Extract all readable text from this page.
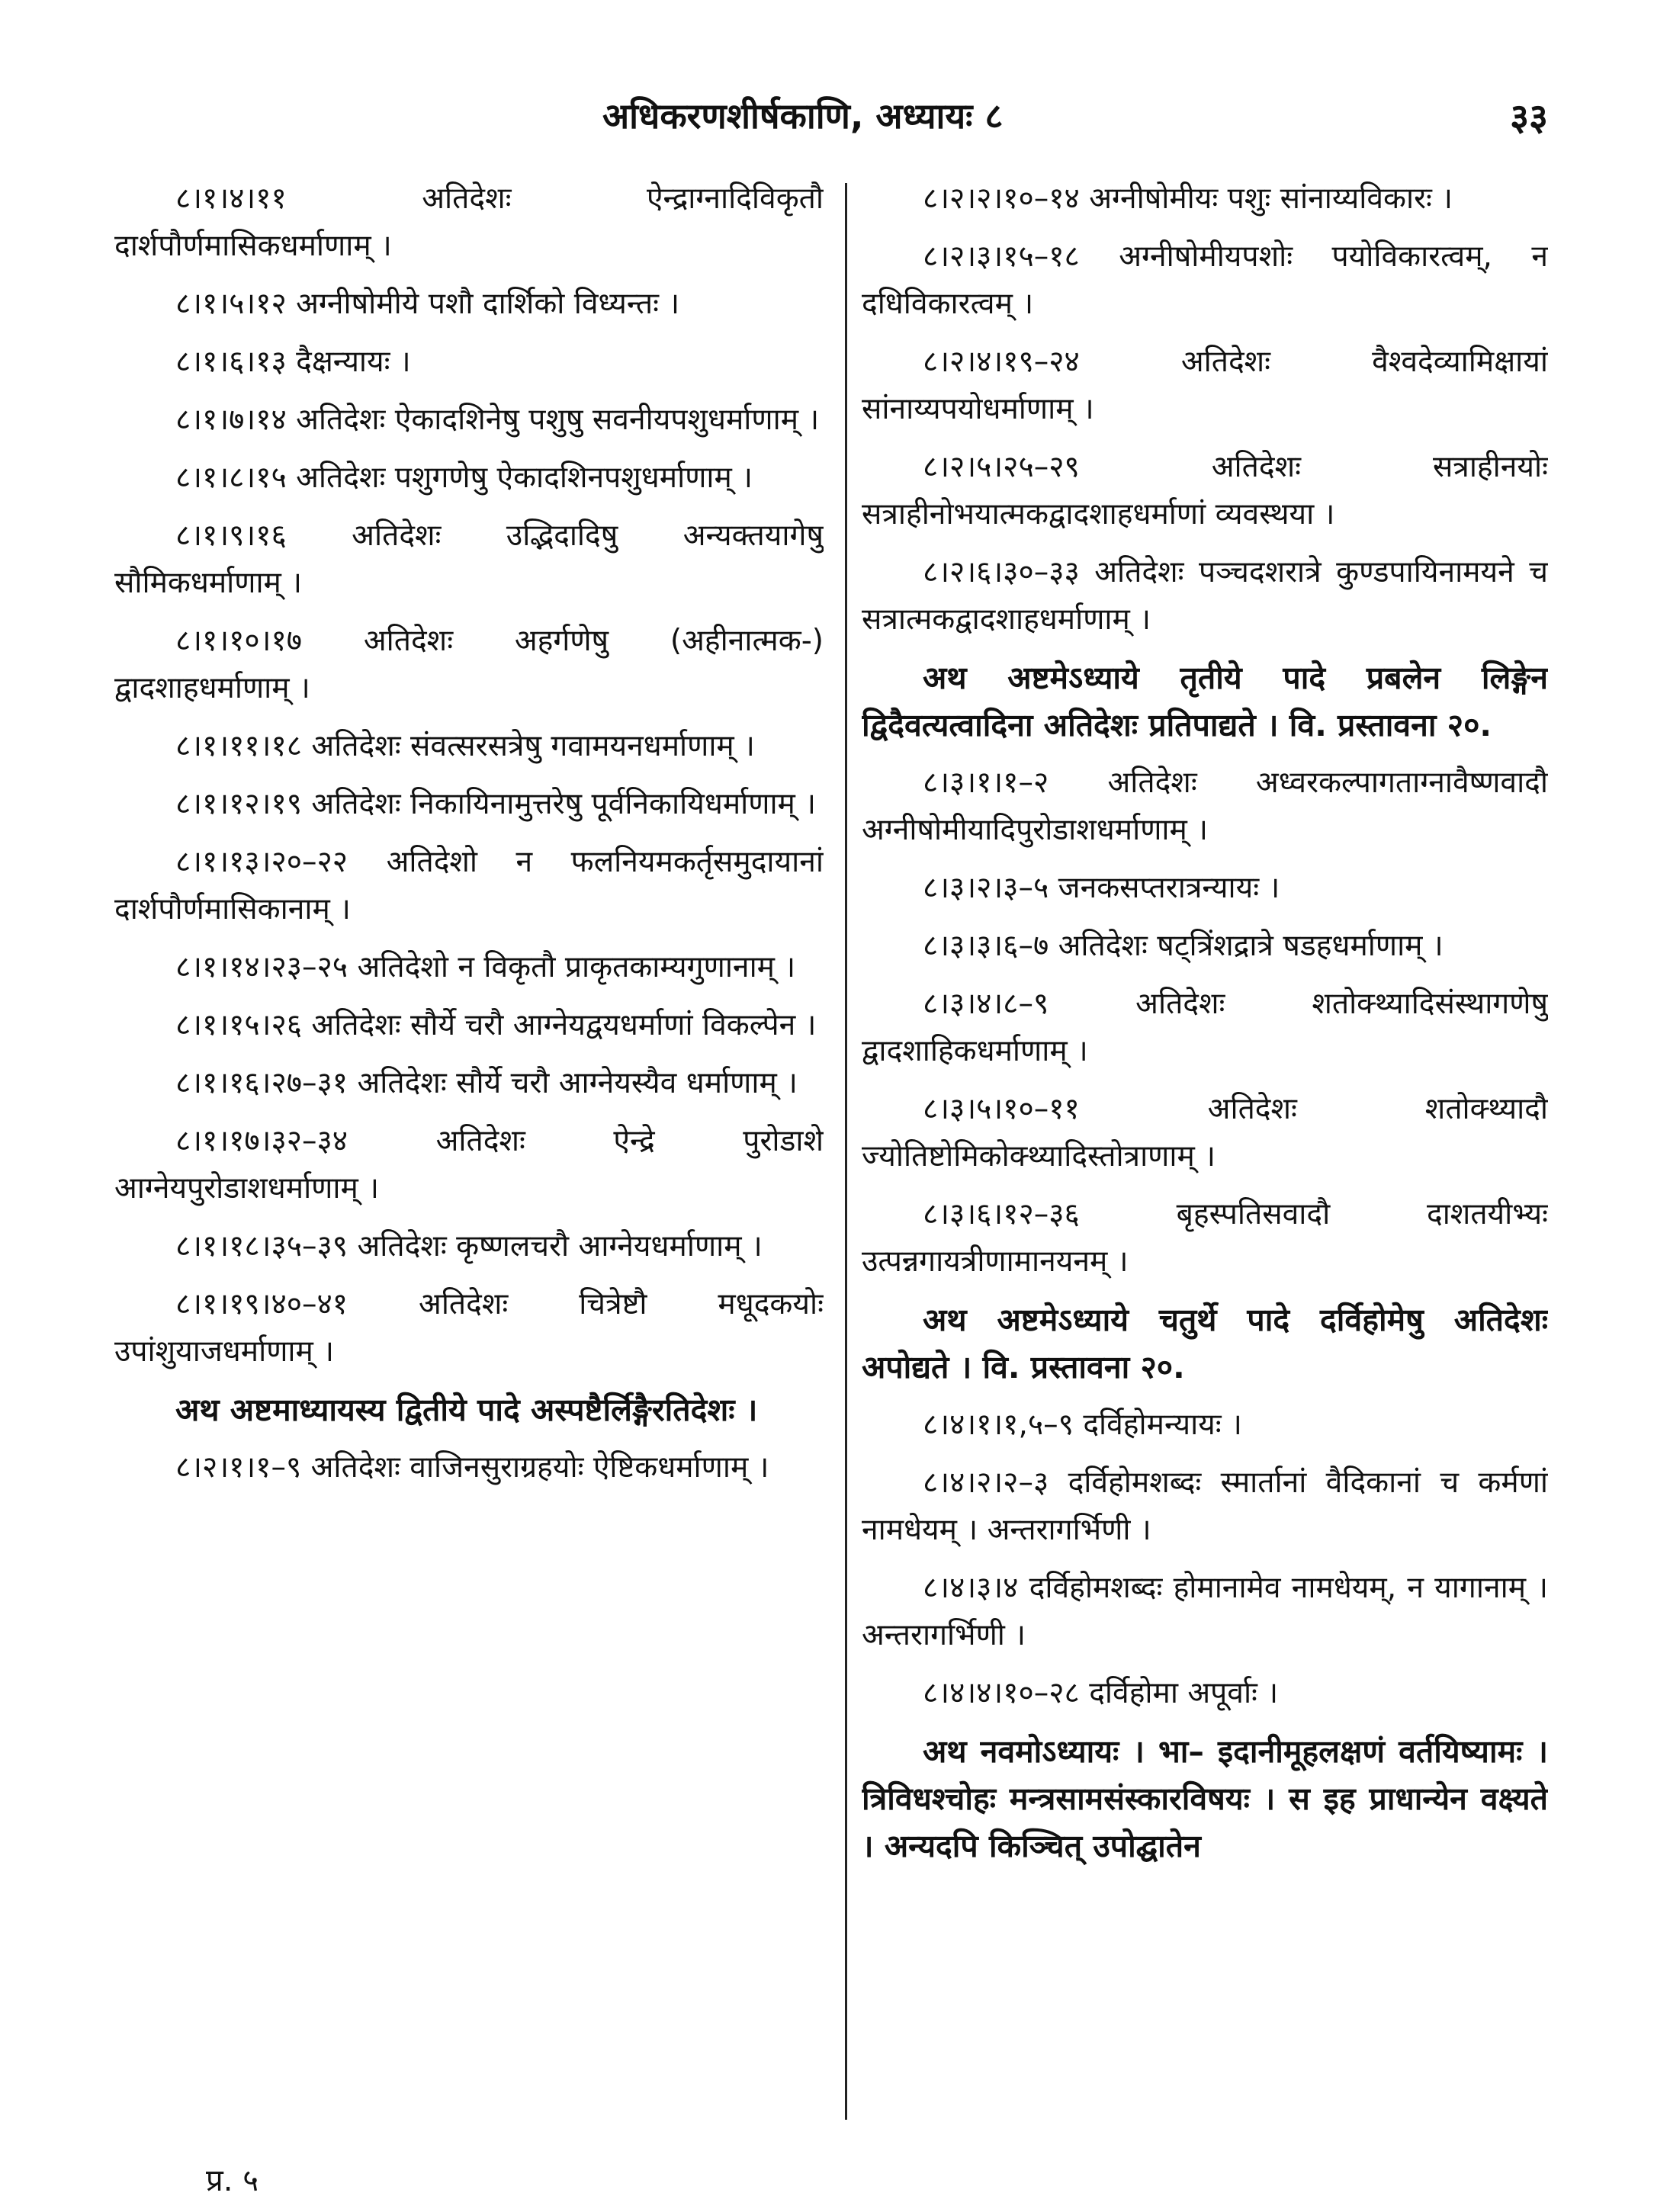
अधिकरणशीर्षकाणि, अध्यायः ८	३३

८।१।४।११ अतिदेशः ऐन्द्राग्नादिविकृतौ दार्शपौर्णमासिकधर्माणाम् ।

८।१।५।१२ अग्नीषोमीये पशौ दार्शिको विध्यन्तः ।

८।१।६।१३ दैक्षन्यायः ।

८।१।७।१४ अतिदेशः ऐकादशिनेषु पशुषु सवनीयपशुधर्माणाम् ।

८।१।८।१५ अतिदेशः पशुगणेषु ऐकादशिनपशुधर्माणाम् ।

८।१।९।१६ अतिदेशः उद्भिदादिषु अन्यक्तयागेषु सौमिकधर्माणाम् ।

८।१।१०।१७ अतिदेशः अहर्गणेषु (अहीनात्मक-) द्वादशाहधर्माणाम् ।

८।१।११।१८ अतिदेशः संवत्सरसत्रेषु गवामयनधर्माणाम् ।

८।१।१२।१९ अतिदेशः निकायिनामुत्तरेषु पूर्वनिकायिधर्माणाम् ।

८।१।१३।२०–२२ अतिदेशो न फलनियमकर्तृसमुदायानां दार्शपौर्णमासिकानाम् ।

८।१।१४।२३–२५ अतिदेशो न विकृतौ प्राकृतकाम्यगुणानाम् ।

८।१।१५।२६ अतिदेशः सौर्ये चरौ आग्नेयद्वयधर्माणां विकल्पेन ।

८।१।१६।२७–३१ अतिदेशः सौर्ये चरौ आग्नेयस्यैव धर्माणाम् ।

८।१।१७।३२–३४ अतिदेशः ऐन्द्रे पुरोडाशे आग्नेयपुरोडाशधर्माणाम् ।

८।१।१८।३५–३९ अतिदेशः कृष्णलचरौ आग्नेयधर्माणाम् ।

८।१।१९।४०–४१ अतिदेशः चित्रेष्टौ मधूदकयोः उपांशुयाजधर्माणाम् ।

अथ अष्टमाध्यायस्य द्वितीये पादे अस्पष्टैर्लिङ्गैरतिदेशः ।

८।२।१।१–९ अतिदेशः वाजिनसुराग्रहयोः ऐष्टिकधर्माणाम् ।

८।२।२।१०–१४ अग्नीषोमीयः पशुः सांनाय्यविकारः ।

८।२।३।१५–१८ अग्नीषोमीयपशोः पयोविकारत्वम्, न दधिविकारत्वम् ।

८।२।४।१९–२४ अतिदेशः वैश्वदेव्यामिक्षायां सांनाय्यपयोधर्माणाम् ।

८।२।५।२५–२९ अतिदेशः सत्राहीनयोः सत्राहीनोभयात्मकद्वादशाहधर्माणां व्यवस्थया ।

८।२।६।३०–३३ अतिदेशः पञ्चदशरात्रे कुण्डपायिनामयने च सत्रात्मकद्वादशाहधर्माणाम् ।

अथ अष्टमेऽध्याये तृतीये पादे प्रबलेन लिङ्गेन द्विदैवत्यत्वादिना अतिदेशः प्रतिपाद्यते । वि. प्रस्तावना २०.

८।३।१।१–२ अतिदेशः अध्वरकल्पागताग्नावैष्णवादौ अग्नीषोमीयादिपुरोडाशधर्माणाम् ।

८।३।२।३–५ जनकसप्तरात्रन्यायः ।

८।३।३।६–७ अतिदेशः षट्त्रिंशद्रात्रे षडहधर्माणाम् ।

८।३।४।८–९ अतिदेशः शतोक्थ्यादिसंस्थागणेषु द्वादशाहिकधर्माणाम् ।

८।३।५।१०–११ अतिदेशः शतोक्थ्यादौ ज्योतिष्टोमिकोक्थ्यादिस्तोत्राणाम् ।

८।३।६।१२–३६ बृहस्पतिसवादौ दाशतयीभ्यः उत्पन्नगायत्रीणामानयनम् ।

अथ अष्टमेऽध्याये चतुर्थे पादे दर्विहोमेषु अतिदेशः अपोद्यते । वि. प्रस्तावना २०.

८।४।१।१,५–९ दर्विहोमन्यायः ।

८।४।२।२–३ दर्विहोमशब्दः स्मार्तानां वैदिकानां च कर्मणां नामधेयम् । अन्तरागर्भिणी ।

८।४।३।४ दर्विहोमशब्दः होमानामेव नामधेयम्, न यागानाम् । अन्तरागर्भिणी ।

८।४।४।१०–२८ दर्विहोमा अपूर्वाः ।

अथ नवमोऽध्यायः । भा– इदानीमूहलक्षणं वर्तयिष्यामः । त्रिविधश्चोहः मन्त्रसामसंस्कारविषयः । स इह प्राधान्येन वक्ष्यते । अन्यदपि किञ्चित् उपोद्घातेन

प्र. ५
